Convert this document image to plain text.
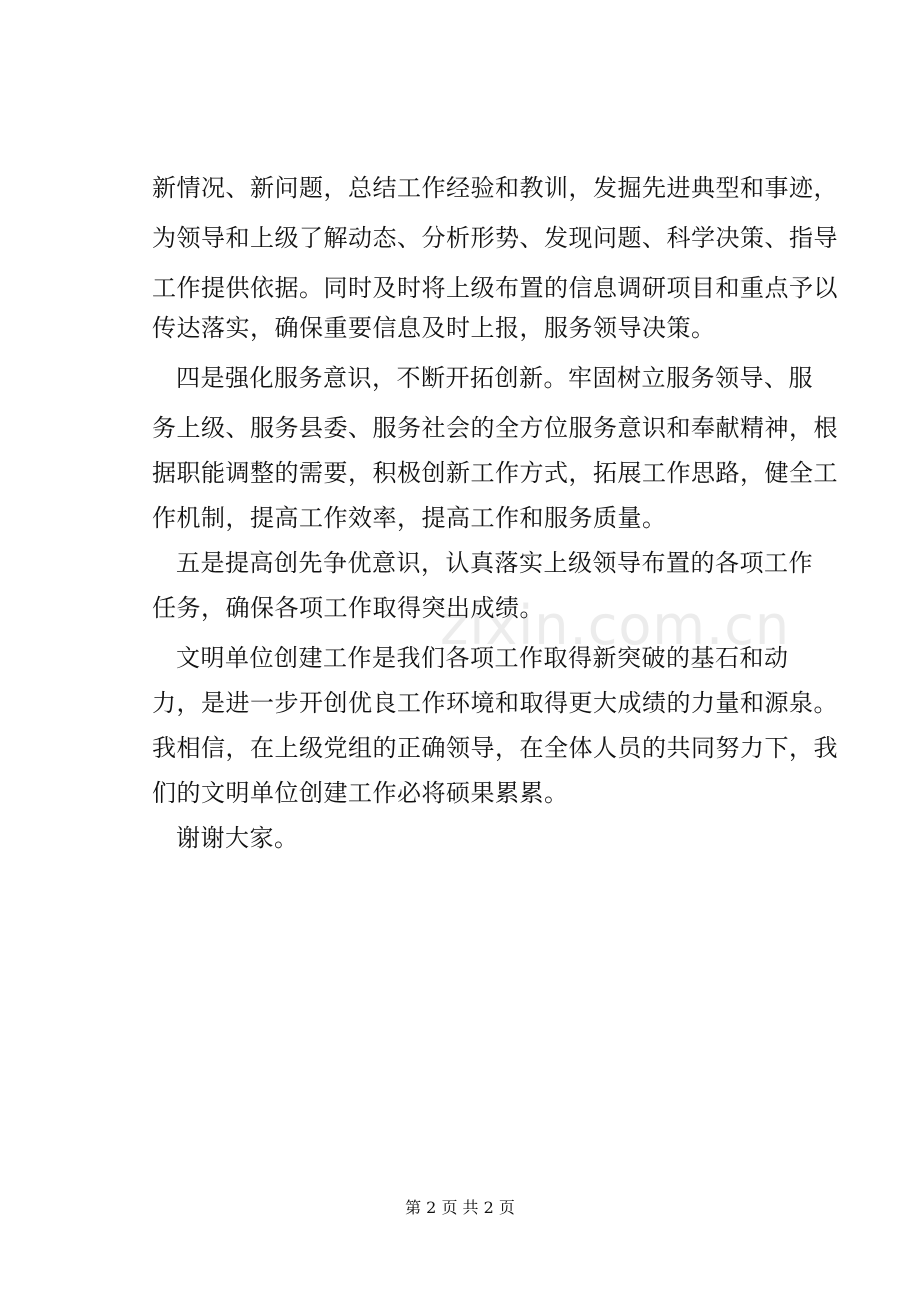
zixin.com.cn
新情况、新问题，总结工作经验和教训，发掘先进典型和事迹，
为领导和上级了解动态、分析形势、发现问题、科学决策、指导
工作提供依据。同时及时将上级布置的信息调研项目和重点予以
传达落实，确保重要信息及时上报，服务领导决策。
四是强化服务意识，不断开拓创新。牢固树立服务领导、服
务上级、服务县委、服务社会的全方位服务意识和奉献精神，根
据职能调整的需要，积极创新工作方式，拓展工作思路，健全工
作机制，提高工作效率，提高工作和服务质量。
五是提高创先争优意识，认真落实上级领导布置的各项工作
任务，确保各项工作取得突出成绩。
文明单位创建工作是我们各项工作取得新突破的基石和动
力，是进一步开创优良工作环境和取得更大成绩的力量和源泉。
我相信，在上级党组的正确领导，在全体人员的共同努力下，我
们的文明单位创建工作必将硕果累累。
谢谢大家。
第 2 页 共 2 页
